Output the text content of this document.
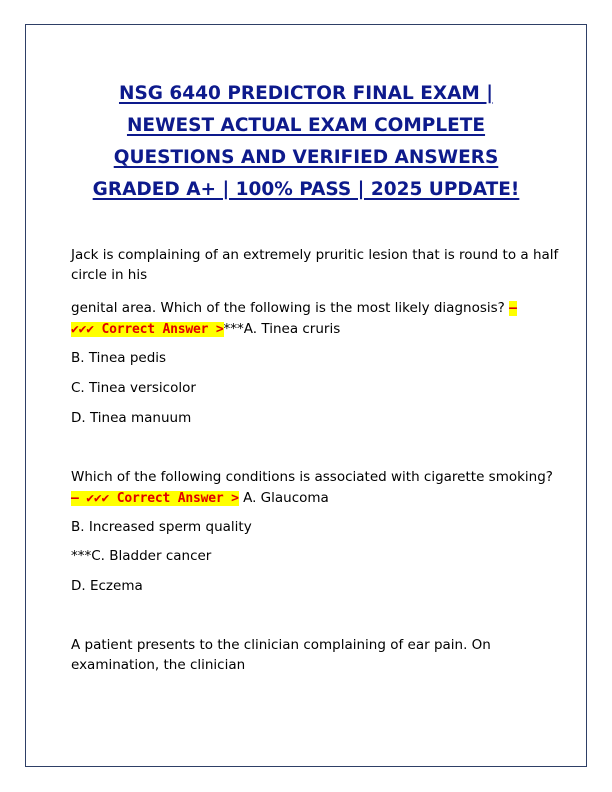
NSG 6440 PREDICTOR FINAL EXAM |
NEWEST ACTUAL EXAM COMPLETE
QUESTIONS AND VERIFIED ANSWERS
GRADED A+ | 100% PASS | 2025 UPDATE!
Jack is complaining of an extremely pruritic lesion that is round to a half
circle in his
genital area. Which of the following is the most likely diagnosis? –
✔✔✔ Correct Answer >***A. Tinea cruris
B. Tinea pedis
C. Tinea versicolor
D. Tinea manuum
Which of the following conditions is associated with cigarette smoking?
– ✔✔✔ Correct Answer > A. Glaucoma
B. Increased sperm quality
***C. Bladder cancer
D. Eczema
A patient presents to the clinician complaining of ear pain. On
examination, the clinician
